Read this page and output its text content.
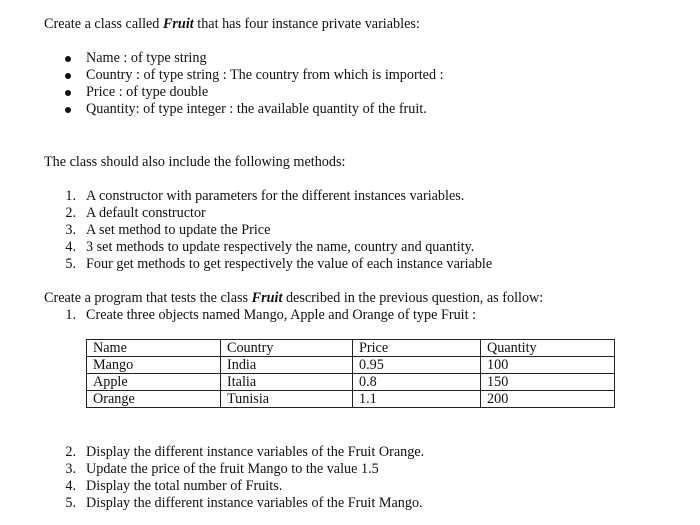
Create a class called Fruit that has four instance private variables:
Name : of type string
Country : of type string : The country from which is imported :
Price : of type double
Quantity: of type integer : the available quantity of the fruit.
The class should also include the following methods:
1. A constructor with parameters for the different instances variables.
2. A default constructor
3. A set method to update the Price
4. 3 set methods to update respectively the name, country and quantity.
5. Four get methods to get respectively the value of each instance variable
Create a program that tests the class Fruit described in the previous question, as follow:
1. Create three objects named Mango, Apple and Orange of type Fruit :
Name	Country	Price	Quantity
Mango	India	0.95	100
Apple	Italia	0.8	150
Orange	Tunisia	1.1	200
2. Display the different instance variables of the Fruit Orange.
3. Update the price of the fruit Mango to the value 1.5
4. Display the total number of Fruits.
5. Display the different instance variables of the Fruit Mango.
